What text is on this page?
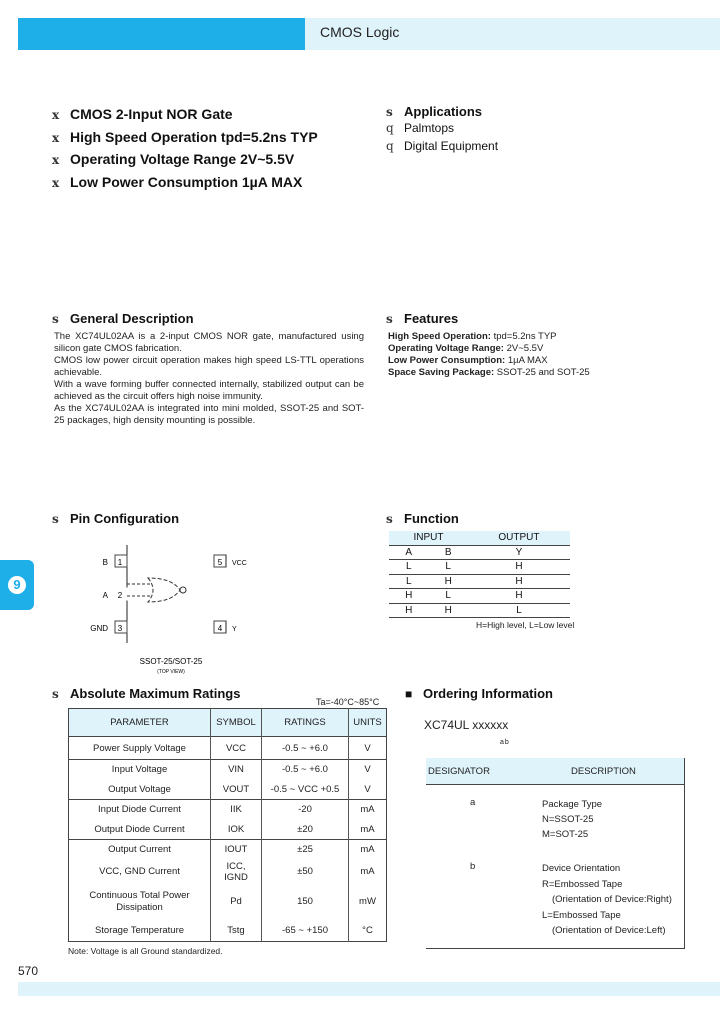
CMOS Logic
9
x CMOS 2-Input NOR Gate
x High Speed Operation tpd=5.2ns TYP
x Operating Voltage Range 2V~5.5V
x Low Power Consumption 1µA MAX
s Applications
q Palmtops
q Digital Equipment
s General Description
The XC74UL02AA is a 2-input CMOS NOR gate, manufactured using silicon gate CMOS fabrication.
CMOS low power circuit operation makes high speed LS-TTL operations achievable.
With a wave forming buffer connected internally, stabilized output can be achieved as the circuit offers high noise immunity.
As the XC74UL02AA is integrated into mini molded, SSOT-25 and SOT-25 packages, high density mounting is possible.
s Features
High Speed Operation: tpd=5.2ns TYP
Operating Voltage Range: 2V~5.5V
Low Power Consumption: 1µA MAX
Space Saving Package: SSOT-25 and SOT-25
s Pin Configuration
1
B
2
A
3
GND
5 VCC
4 Y
SSOT-25/SOT-25
(TOP VIEW)
s Function
INPUT		OUTPUT
A	B	Y
L	L	H
L	H	H
H	L	H
H	H	L
H=High level, L=Low level
s Absolute Maximum Ratings
Ta=-40°C~85°C
PARAMETER	SYMBOL	RATINGS	UNITS
Power Supply Voltage	VCC	-0.5 ~ +6.0	V
Input Voltage	VIN	-0.5 ~ +6.0	V
Output Voltage	VOUT	-0.5 ~ VCC +0.5	V
Input Diode Current	IIK	-20	mA
Output Diode Current	IOK	±20	mA
Output Current	IOUT	±25	mA
VCC, GND Current	ICC, IGND	±50	mA
Continuous Total Power Dissipation	Pd	150	mW
Storage Temperature	Tstg	-65 ~ +150	°C
Note: Voltage is all Ground standardized.
■ Ordering Information
XC74UL xxxxxx
ab
DESIGNATOR	DESCRIPTION
a	Package Type
N=SSOT-25
M=SOT-25
b	Device Orientation
R=Embossed Tape
(Orientation of Device:Right)
L=Embossed Tape
(Orientation of Device:Left)
570
